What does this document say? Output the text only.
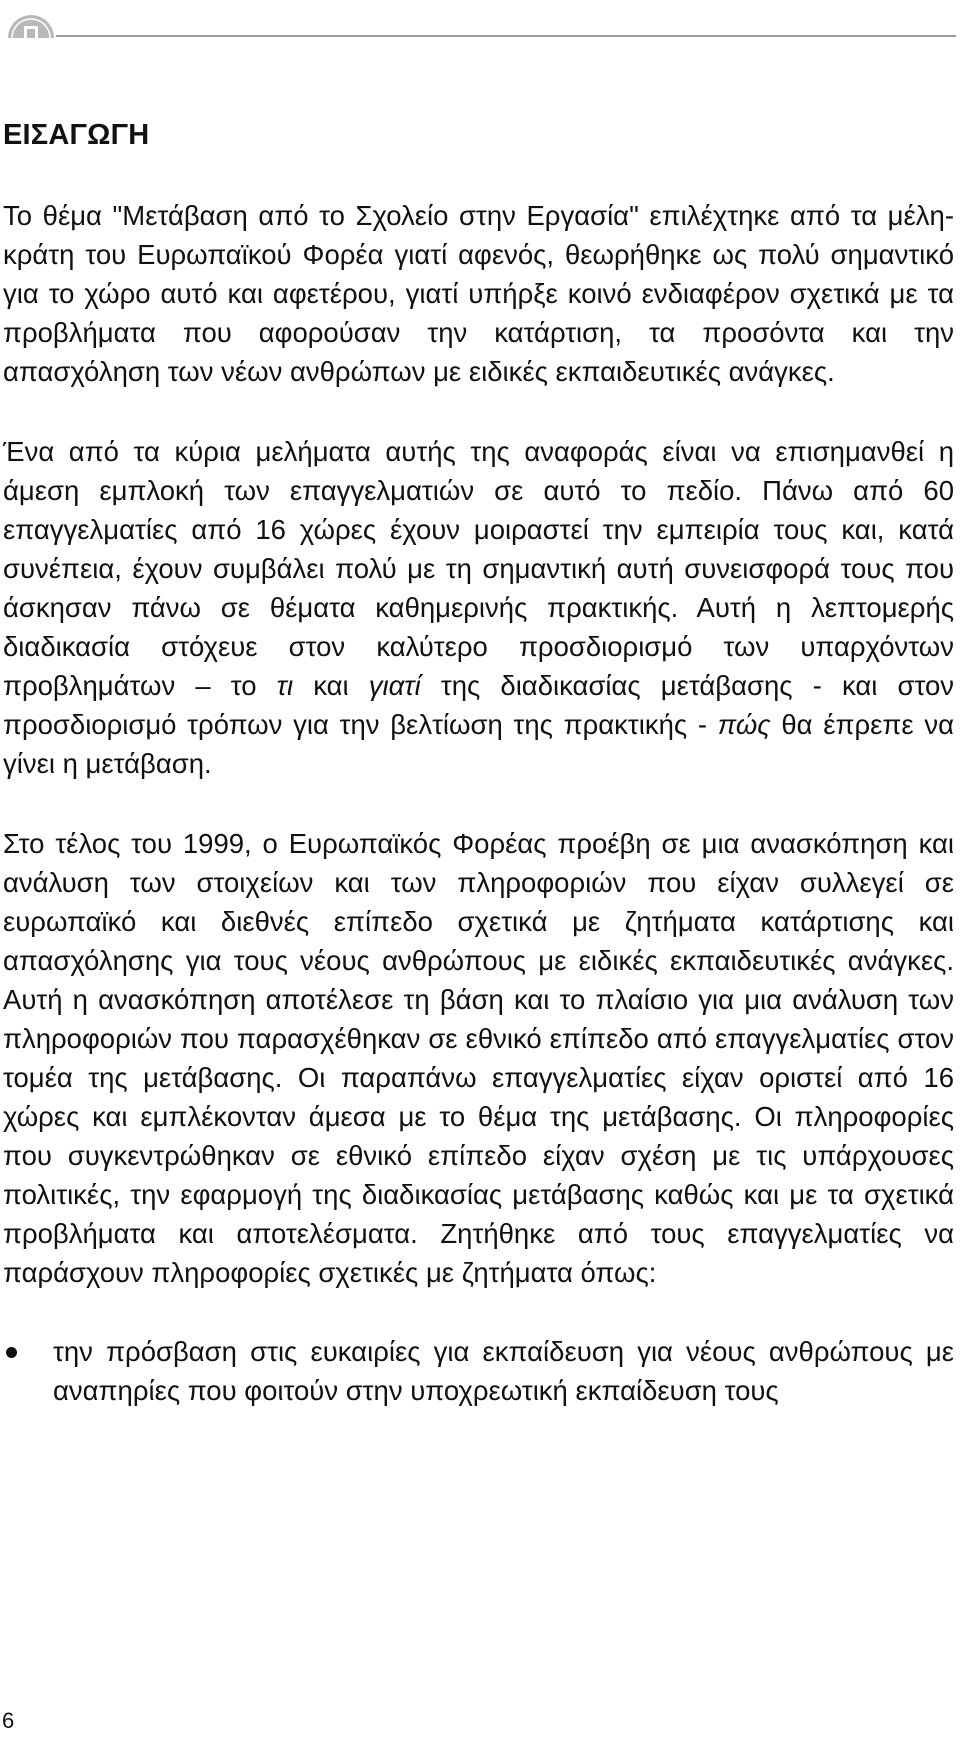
ΕΙΣΑΓΩΓΗ

Το θέμα "Μετάβαση από το Σχολείο στην Εργασία" επιλέχτηκε από τα μέλη-κράτη του Ευρωπαϊκού Φορέα γιατί αφενός, θεωρήθηκε ως πολύ σημαντικό για το χώρο αυτό και αφετέρου, γιατί υπήρξε κοινό ενδιαφέρον σχετικά με τα προβλήματα που αφορούσαν την κατάρτιση, τα προσόντα και την απασχόληση των νέων ανθρώπων με ειδικές εκπαιδευτικές ανάγκες.

Ένα από τα κύρια μελήματα αυτής της αναφοράς είναι να επισημανθεί η άμεση εμπλοκή των επαγγελματιών σε αυτό το πεδίο. Πάνω από 60 επαγγελματίες από 16 χώρες έχουν μοιραστεί την εμπειρία τους και, κατά συνέπεια, έχουν συμβάλει πολύ με τη σημαντική αυτή συνεισφορά τους που άσκησαν πάνω σε θέματα καθημερινής πρακτικής. Αυτή η λεπτομερής διαδικασία στόχευε στον καλύτερο προσδιορισμό των υπαρχόντων προβλημάτων – το τι και γιατί της διαδικασίας μετάβασης - και στον προσδιορισμό τρόπων για την βελτίωση της πρακτικής - πώς θα έπρεπε να γίνει η μετάβαση.

Στο τέλος του 1999, ο Ευρωπαϊκός Φορέας προέβη σε μια ανασκόπηση και ανάλυση των στοιχείων και των πληροφοριών που είχαν συλλεγεί σε ευρωπαϊκό και διεθνές επίπεδο σχετικά με ζητήματα κατάρτισης και απασχόλησης για τους νέους ανθρώπους με ειδικές εκπαιδευτικές ανάγκες. Αυτή η ανασκόπηση αποτέλεσε τη βάση και το πλαίσιο για μια ανάλυση των πληροφοριών που παρασχέθηκαν σε εθνικό επίπεδο από επαγγελματίες στον τομέα της μετάβασης. Οι παραπάνω επαγγελματίες είχαν οριστεί από 16 χώρες και εμπλέκονταν άμεσα με το θέμα της μετάβασης. Οι πληροφορίες που συγκεντρώθηκαν σε εθνικό επίπεδο είχαν σχέση με τις υπάρχουσες πολιτικές, την εφαρμογή της διαδικασίας μετάβασης καθώς και με τα σχετικά προβλήματα και αποτελέσματα. Ζητήθηκε από τους επαγγελματίες να παράσχουν πληροφορίες σχετικές με ζητήματα όπως:

την πρόσβαση στις ευκαιρίες για εκπαίδευση για νέους ανθρώπους με αναπηρίες που φοιτούν στην υποχρεωτική εκπαίδευση τους
6
